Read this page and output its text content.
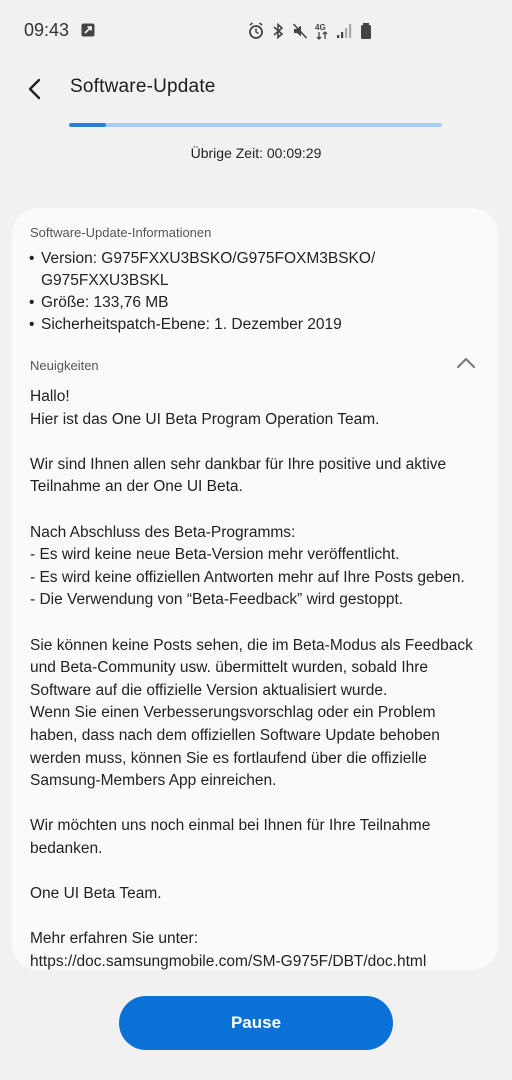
09:43	4G
Software-Update
Übrige Zeit: 00:09:29
Software-Update-Informationen
• Version: G975FXXU3BSKO/G975FOXM3BSKO/
G975FXXU3BSKL
• Größe: 133,76 MB
• Sicherheitspatch-Ebene: 1. Dezember 2019
Neuigkeiten

Hallo!

Hier ist das One UI Beta Program Operation Team.

Wir sind Ihnen allen sehr dankbar für Ihre positive und aktive

Teilnahme an der One UI Beta.

Nach Abschluss des Beta-Programms:

- Es wird keine neue Beta-Version mehr veröffentlicht.

- Es wird keine offiziellen Antworten mehr auf Ihre Posts geben.

- Die Verwendung von “Beta-Feedback” wird gestoppt.

Sie können keine Posts sehen, die im Beta-Modus als Feedback

und Beta-Community usw. übermittelt wurden, sobald Ihre

Software auf die offizielle Version aktualisiert wurde.

Wenn Sie einen Verbesserungsvorschlag oder ein Problem

haben, dass nach dem offiziellen Software Update behoben

werden muss, können Sie es fortlaufend über die offizielle

Samsung-Members App einreichen.

Wir möchten uns noch einmal bei Ihnen für Ihre Teilnahme

bedanken.

One UI Beta Team.

Mehr erfahren Sie unter:

https://doc.samsungmobile.com/SM-G975F/DBT/doc.html

Pause
